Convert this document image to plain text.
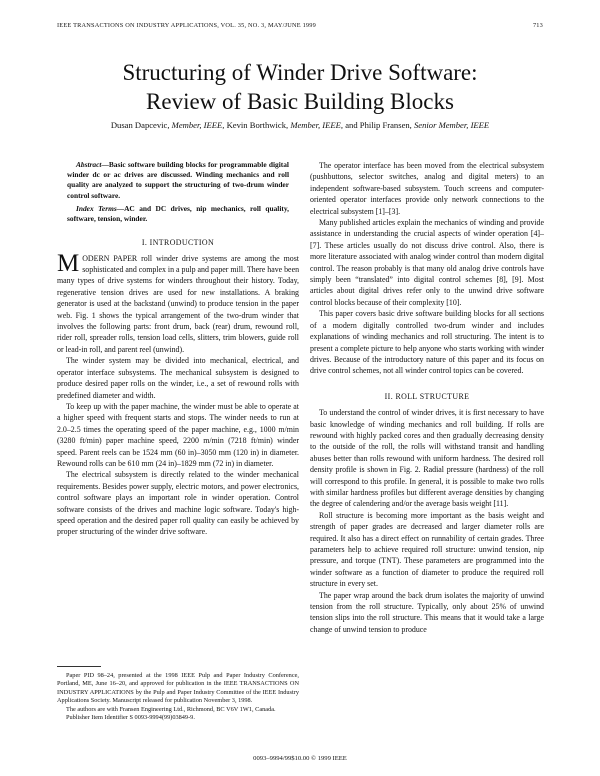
IEEE TRANSACTIONS ON INDUSTRY APPLICATIONS, VOL. 35, NO. 3, MAY/JUNE 1999	713
Structuring of Winder Drive Software:
Review of Basic Building Blocks
Dusan Dapcevic, Member, IEEE, Kevin Borthwick, Member, IEEE, and Philip Fransen, Senior Member, IEEE

Abstract—Basic software building blocks for programmable digital winder dc or ac drives are discussed. Winding mechanics and roll quality are analyzed to support the structuring of two-drum winder control software.

Index Terms—AC and DC drives, nip mechanics, roll quality, software, tension, winder.

I. INTRODUCTION

MODERN PAPER roll winder drive systems are among the most sophisticated and complex in a pulp and paper mill. There have been many types of drive systems for winders throughout their history. Today, regenerative tension drives are used for new installations. A braking generator is used at the backstand (unwind) to produce tension in the paper web. Fig. 1 shows the typical arrangement of the two-drum winder that involves the following parts: front drum, back (rear) drum, rewound roll, rider roll, spreader rolls, tension load cells, slitters, trim blowers, guide roll or lead-in roll, and parent reel (unwind).

The winder system may be divided into mechanical, electrical, and operator interface subsystems. The mechanical subsystem is designed to produce desired paper rolls on the winder, i.e., a set of rewound rolls with predefined diameter and width.

To keep up with the paper machine, the winder must be able to operate at a higher speed with frequent starts and stops. The winder needs to run at 2.0–2.5 times the operating speed of the paper machine, e.g., 1000 m/min (3280 ft/min) paper machine speed, 2200 m/min (7218 ft/min) winder speed. Parent reels can be 1524 mm (60 in)–3050 mm (120 in) in diameter. Rewound rolls can be 610 mm (24 in)–1829 mm (72 in) in diameter.

The electrical subsystem is directly related to the winder mechanical requirements. Besides power supply, electric motors, and power electronics, control software plays an important role in winder operation. Control software consists of the drives and machine logic software. Today's high-speed operation and the desired paper roll quality can easily be achieved by proper structuring of the winder drive software.

Paper PID 98–24, presented at the 1998 IEEE Pulp and Paper Industry Conference, Portland, ME, June 16–20, and approved for publication in the IEEE TRANSACTIONS ON INDUSTRY APPLICATIONS by the Pulp and Paper Industry Committee of the IEEE Industry Applications Society. Manuscript released for publication November 3, 1998.

The authors are with Fransen Engineering Ltd., Richmond, BC V6V 1W1, Canada.

Publisher Item Identifier S 0093-9994(99)03849-9.

The operator interface has been moved from the electrical subsystem (pushbuttons, selector switches, analog and digital meters) to an independent software-based subsystem. Touch screens and computer-oriented operator interfaces provide only network connections to the electrical subsystem [1]–[3].

Many published articles explain the mechanics of winding and provide assistance in understanding the crucial aspects of winder operation [4]–[7]. These articles usually do not discuss drive control. Also, there is more literature associated with analog winder control than modern digital control. The reason probably is that many old analog drive controls have simply been “translated” into digital control schemes [8], [9]. Most articles about digital drives refer only to the unwind drive software control blocks because of their complexity [10].

This paper covers basic drive software building blocks for all sections of a modern digitally controlled two-drum winder and includes explanations of winding mechanics and roll structuring. The intent is to present a complete picture to help anyone who starts working with winder drives. Because of the introductory nature of this paper and its focus on drive control schemes, not all winder control topics can be covered.

II. ROLL STRUCTURE

To understand the control of winder drives, it is first necessary to have basic knowledge of winding mechanics and roll building. If rolls are rewound with highly packed cores and then gradually decreasing density to the outside of the roll, the rolls will withstand transit and handling abuses better than rolls rewound with uniform hardness. The desired roll density profile is shown in Fig. 2. Radial pressure (hardness) of the roll will correspond to this profile. In general, it is possible to make two rolls with similar hardness profiles but different average densities by changing the degree of calendering and/or the average basis weight [11].

Roll structure is becoming more important as the basis weight and strength of paper grades are decreased and larger diameter rolls are required. It also has a direct effect on runnability of certain grades. Three parameters help to achieve required roll structure: unwind tension, nip pressure, and torque (TNT). These parameters are programmed into the winder software as a function of diameter to produce the required roll structure in every set.

The paper wrap around the back drum isolates the majority of unwind tension from the roll structure. Typically, only about 25% of unwind tension slips into the roll structure. This means that it would take a large change of unwind tension to produce

0093–9994/99$10.00 © 1999 IEEE
